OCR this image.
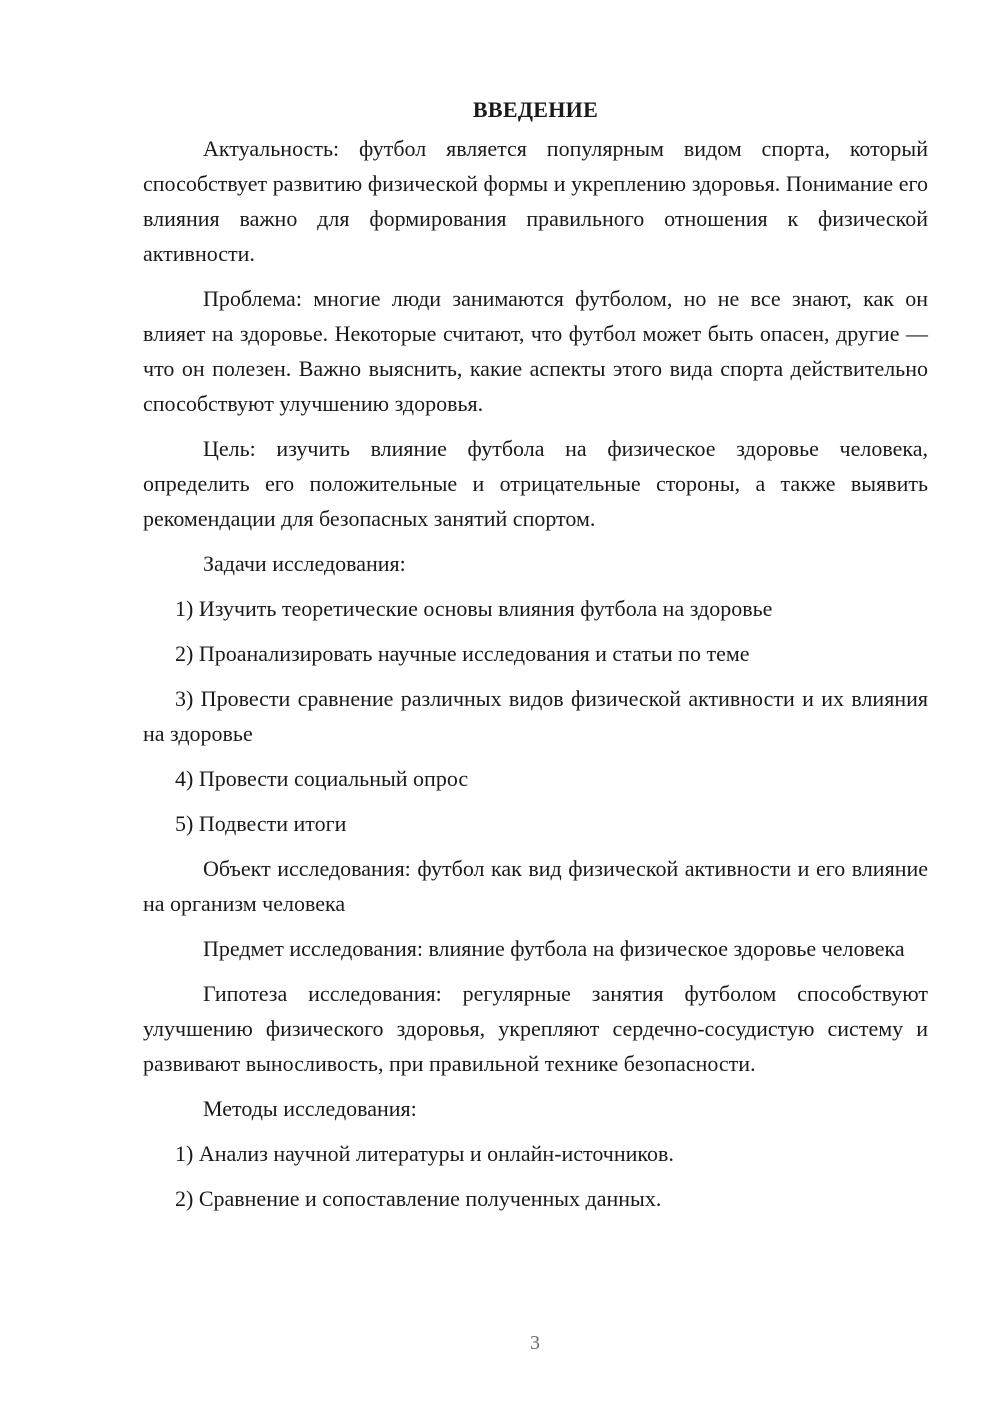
ВВЕДЕНИЕ

Актуальность: футбол является популярным видом спорта, который способствует развитию физической формы и укреплению здоровья. Понимание его влияния важно для формирования правильного отношения к физической активности.

Проблема: многие люди занимаются футболом, но не все знают, как он влияет на здоровье. Некоторые считают, что футбол может быть опасен, другие — что он полезен. Важно выяснить, какие аспекты этого вида спорта действительно способствуют улучшению здоровья.

Цель: изучить влияние футбола на физическое здоровье человека, определить его положительные и отрицательные стороны, а также выявить рекомендации для безопасных занятий спортом.

Задачи исследования:

1) Изучить теоретические основы влияния футбола на здоровье

2) Проанализировать научные исследования и статьи по теме

3) Провести сравнение различных видов физической активности и их влияния на здоровье

4) Провести социальный опрос

5) Подвести итоги

Объект исследования: футбол как вид физической активности и его влияние на организм человека

Предмет исследования: влияние футбола на физическое здоровье человека

Гипотеза исследования: регулярные занятия футболом способствуют улучшению физического здоровья, укрепляют сердечно-сосудистую систему и развивают выносливость, при правильной технике безопасности.

Методы исследования:

1) Анализ научной литературы и онлайн-источников.

2) Сравнение и сопоставление полученных данных.

3
